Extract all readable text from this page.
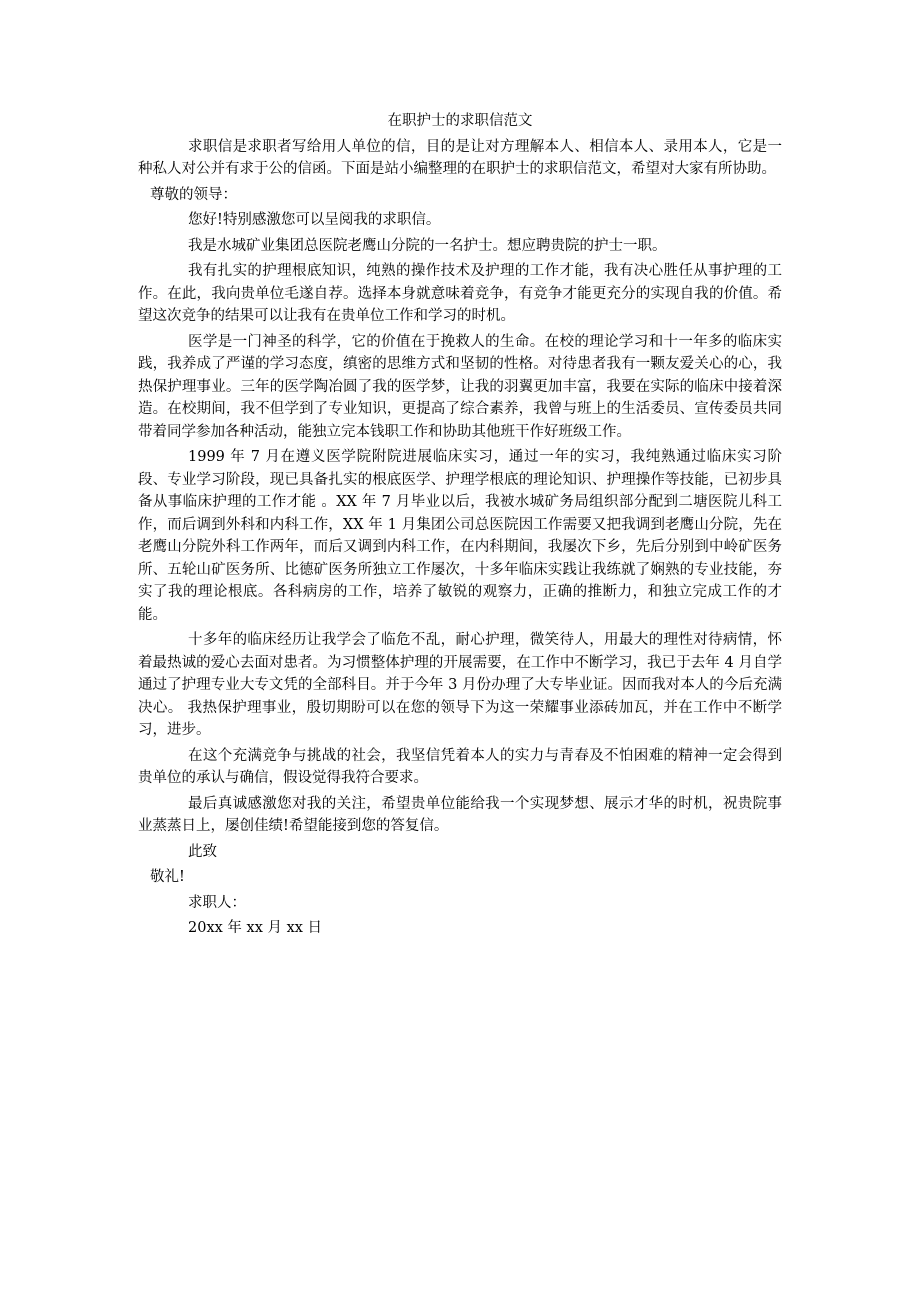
在职护士的求职信范文

求职信是求职者写给用人单位的信，目的是让对方理解本人、相信本人、录用本人，它是一种私人对公并有求于公的信函。下面是站小编整理的在职护士的求职信范文，希望对大家有所协助。

尊敬的领导：

您好!特别感激您可以呈阅我的求职信。

我是水城矿业集团总医院老鹰山分院的一名护士。想应聘贵院的护士一职。

我有扎实的护理根底知识，纯熟的操作技术及护理的工作才能，我有决心胜任从事护理的工作。在此，我向贵单位毛遂自荐。选择本身就意味着竞争，有竞争才能更充分的实现自我的价值。希望这次竞争的结果可以让我有在贵单位工作和学习的时机。

医学是一门神圣的科学，它的价值在于挽救人的生命。在校的理论学习和十一年多的临床实践，我养成了严谨的学习态度，缜密的思维方式和坚韧的性格。对待患者我有一颗友爱关心的心，我热保护理事业。三年的医学陶冶圆了我的医学梦，让我的羽翼更加丰富，我要在实际的临床中接着深造。在校期间，我不但学到了专业知识，更提高了综合素养，我曾与班上的生活委员、宣传委员共同带着同学参加各种活动，能独立完本钱职工作和协助其他班干作好班级工作。

1999 年 7 月在遵义医学院附院进展临床实习，通过一年的实习，我纯熟通过临床实习阶段、专业学习阶段，现已具备扎实的根底医学、护理学根底的理论知识、护理操作等技能，已初步具备从事临床护理的工作才能 。XX 年 7 月毕业以后，我被水城矿务局组织部分配到二塘医院儿科工作，而后调到外科和内科工作，XX 年 1 月集团公司总医院因工作需要又把我调到老鹰山分院，先在老鹰山分院外科工作两年，而后又调到内科工作，在内科期间，我屡次下乡，先后分别到中岭矿医务所、五轮山矿医务所、比德矿医务所独立工作屡次，十多年临床实践让我练就了娴熟的专业技能，夯实了我的理论根底。各科病房的工作，培养了敏锐的观察力，正确的推断力，和独立完成工作的才能。

十多年的临床经历让我学会了临危不乱，耐心护理，微笑待人，用最大的理性对待病情，怀着最热诚的爱心去面对患者。为习惯整体护理的开展需要，在工作中不断学习，我已于去年 4 月自学通过了护理专业大专文凭的全部科目。并于今年 3 月份办理了大专毕业证。因而我对本人的今后充满决心。 我热保护理事业，殷切期盼可以在您的领导下为这一荣耀事业添砖加瓦，并在工作中不断学习，进步。

在这个充满竞争与挑战的社会，我坚信凭着本人的实力与青春及不怕困难的精神一定会得到贵单位的承认与确信，假设觉得我符合要求。

最后真诚感激您对我的关注，希望贵单位能给我一个实现梦想、展示才华的时机，祝贵院事业蒸蒸日上，屡创佳绩!希望能接到您的答复信。

此致

敬礼!

求职人：

20xx 年 xx 月 xx 日
